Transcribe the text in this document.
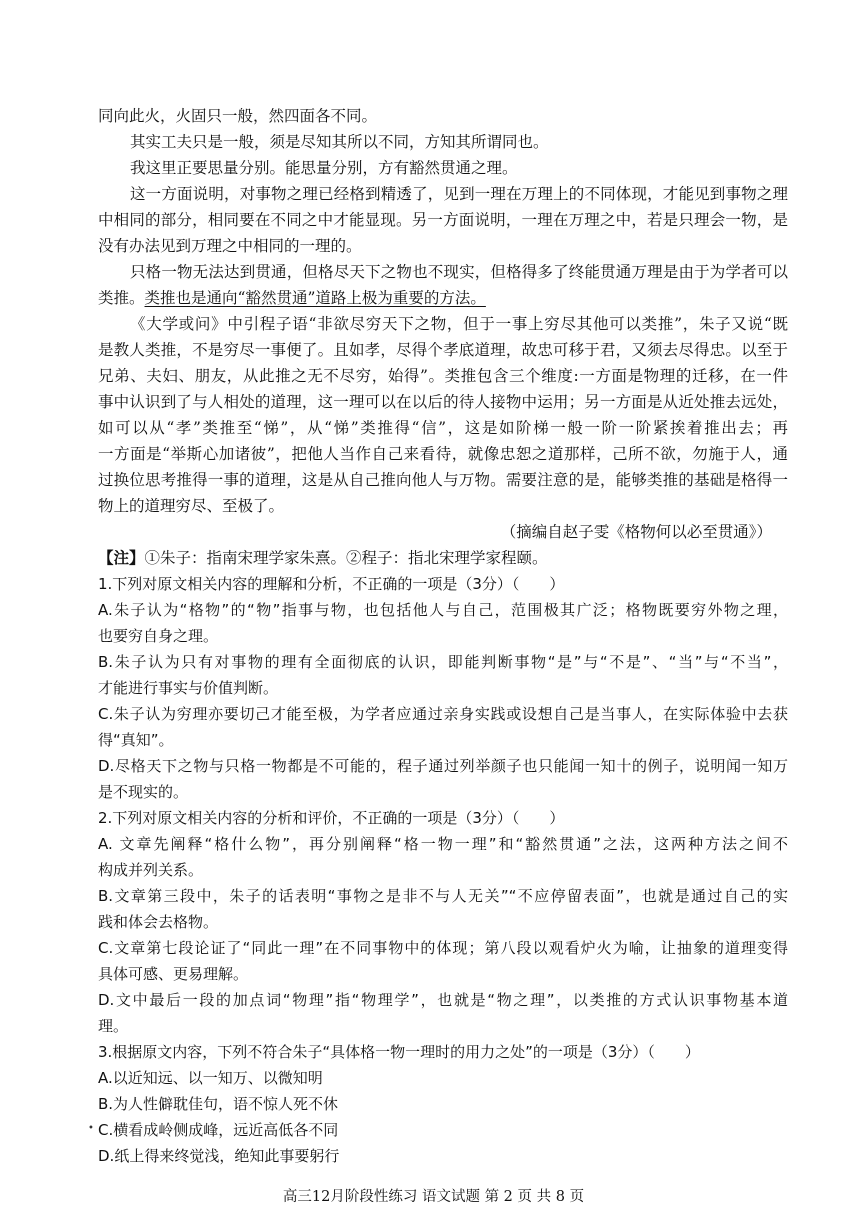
同向此火，火固只一般，然四面各不同。
其实工夫只是一般，须是尽知其所以不同，方知其所谓同也。
我这里正要思量分别。能思量分别，方有豁然贯通之理。
这一方面说明，对事物之理已经格到精透了，见到一理在万理上的不同体现，才能见到事物之理
中相同的部分，相同要在不同之中才能显现。另一方面说明，一理在万理之中，若是只理会一物，是
没有办法见到万理之中相同的一理的。
只格一物无法达到贯通，但格尽天下之物也不现实，但格得多了终能贯通万理是由于为学者可以
类推。类推也是通向“豁然贯通”道路上极为重要的方法。
《大学或问》中引程子语“非欲尽穷天下之物，但于一事上穷尽其他可以类推”，朱子又说“既
是教人类推，不是穷尽一事便了。且如孝，尽得个孝底道理，故忠可移于君，又须去尽得忠。以至于
兄弟、夫妇、朋友，从此推之无不尽穷，始得”。类推包含三个维度:一方面是物理的迁移，在一件
事中认识到了与人相处的道理，这一理可以在以后的待人接物中运用；另一方面是从近处推去远处，
如可以从“孝”类推至“悌”，从“悌”类推得“信”，这是如阶梯一般一阶一阶紧挨着推出去；再
一方面是“举斯心加诸彼”，把他人当作自己来看待，就像忠恕之道那样，己所不欲，勿施于人，通
过换位思考推得一事的道理，这是从自己推向他人与万物。需要注意的是，能够类推的基础是格得一
物上的道理穷尽、至极了。
（摘编自赵子雯《格物何以必至贯通》）
【注】①朱子：指南宋理学家朱熹。②程子：指北宋理学家程颐。
1.下列对原文相关内容的理解和分析，不正确的一项是（3分）（　　）
A.朱子认为“格物”的“物”指事与物，也包括他人与自己，范围极其广泛；格物既要穷外物之理，
也要穷自身之理。
B.朱子认为只有对事物的理有全面彻底的认识，即能判断事物“是”与“不是”、“当”与“不当”，
才能进行事实与价值判断。
C.朱子认为穷理亦要切己才能至极，为学者应通过亲身实践或设想自己是当事人，在实际体验中去获
得“真知”。
D.尽格天下之物与只格一物都是不可能的，程子通过列举颜子也只能闻一知十的例子，说明闻一知万
是不现实的。
2.下列对原文相关内容的分析和评价，不正确的一项是（3分）（　　）
A. 文章先阐释“格什么物”，再分别阐释“格一物一理”和“豁然贯通”之法，这两种方法之间不
构成并列关系。
B.文章第三段中，朱子的话表明“事物之是非不与人无关”“不应停留表面”，也就是通过自己的实
践和体会去格物。
C.文章第七段论证了“同此一理”在不同事物中的体现；第八段以观看炉火为喻，让抽象的道理变得
具体可感、更易理解。
D.文中最后一段的加点词“物理”指“物理学”，也就是“物之理”，以类推的方式认识事物基本道
理。
3.根据原文内容，下列不符合朱子“具体格一物一理时的用力之处”的一项是（3分）（　　）
A.以近知远、以一知万、以微知明
B.为人性僻耽佳句，语不惊人死不休
C.横看成岭侧成峰，远近高低各不同
D.纸上得来终觉浅，绝知此事要躬行
•
高三12月阶段性练习 语文试题 第 2 页 共 8 页
